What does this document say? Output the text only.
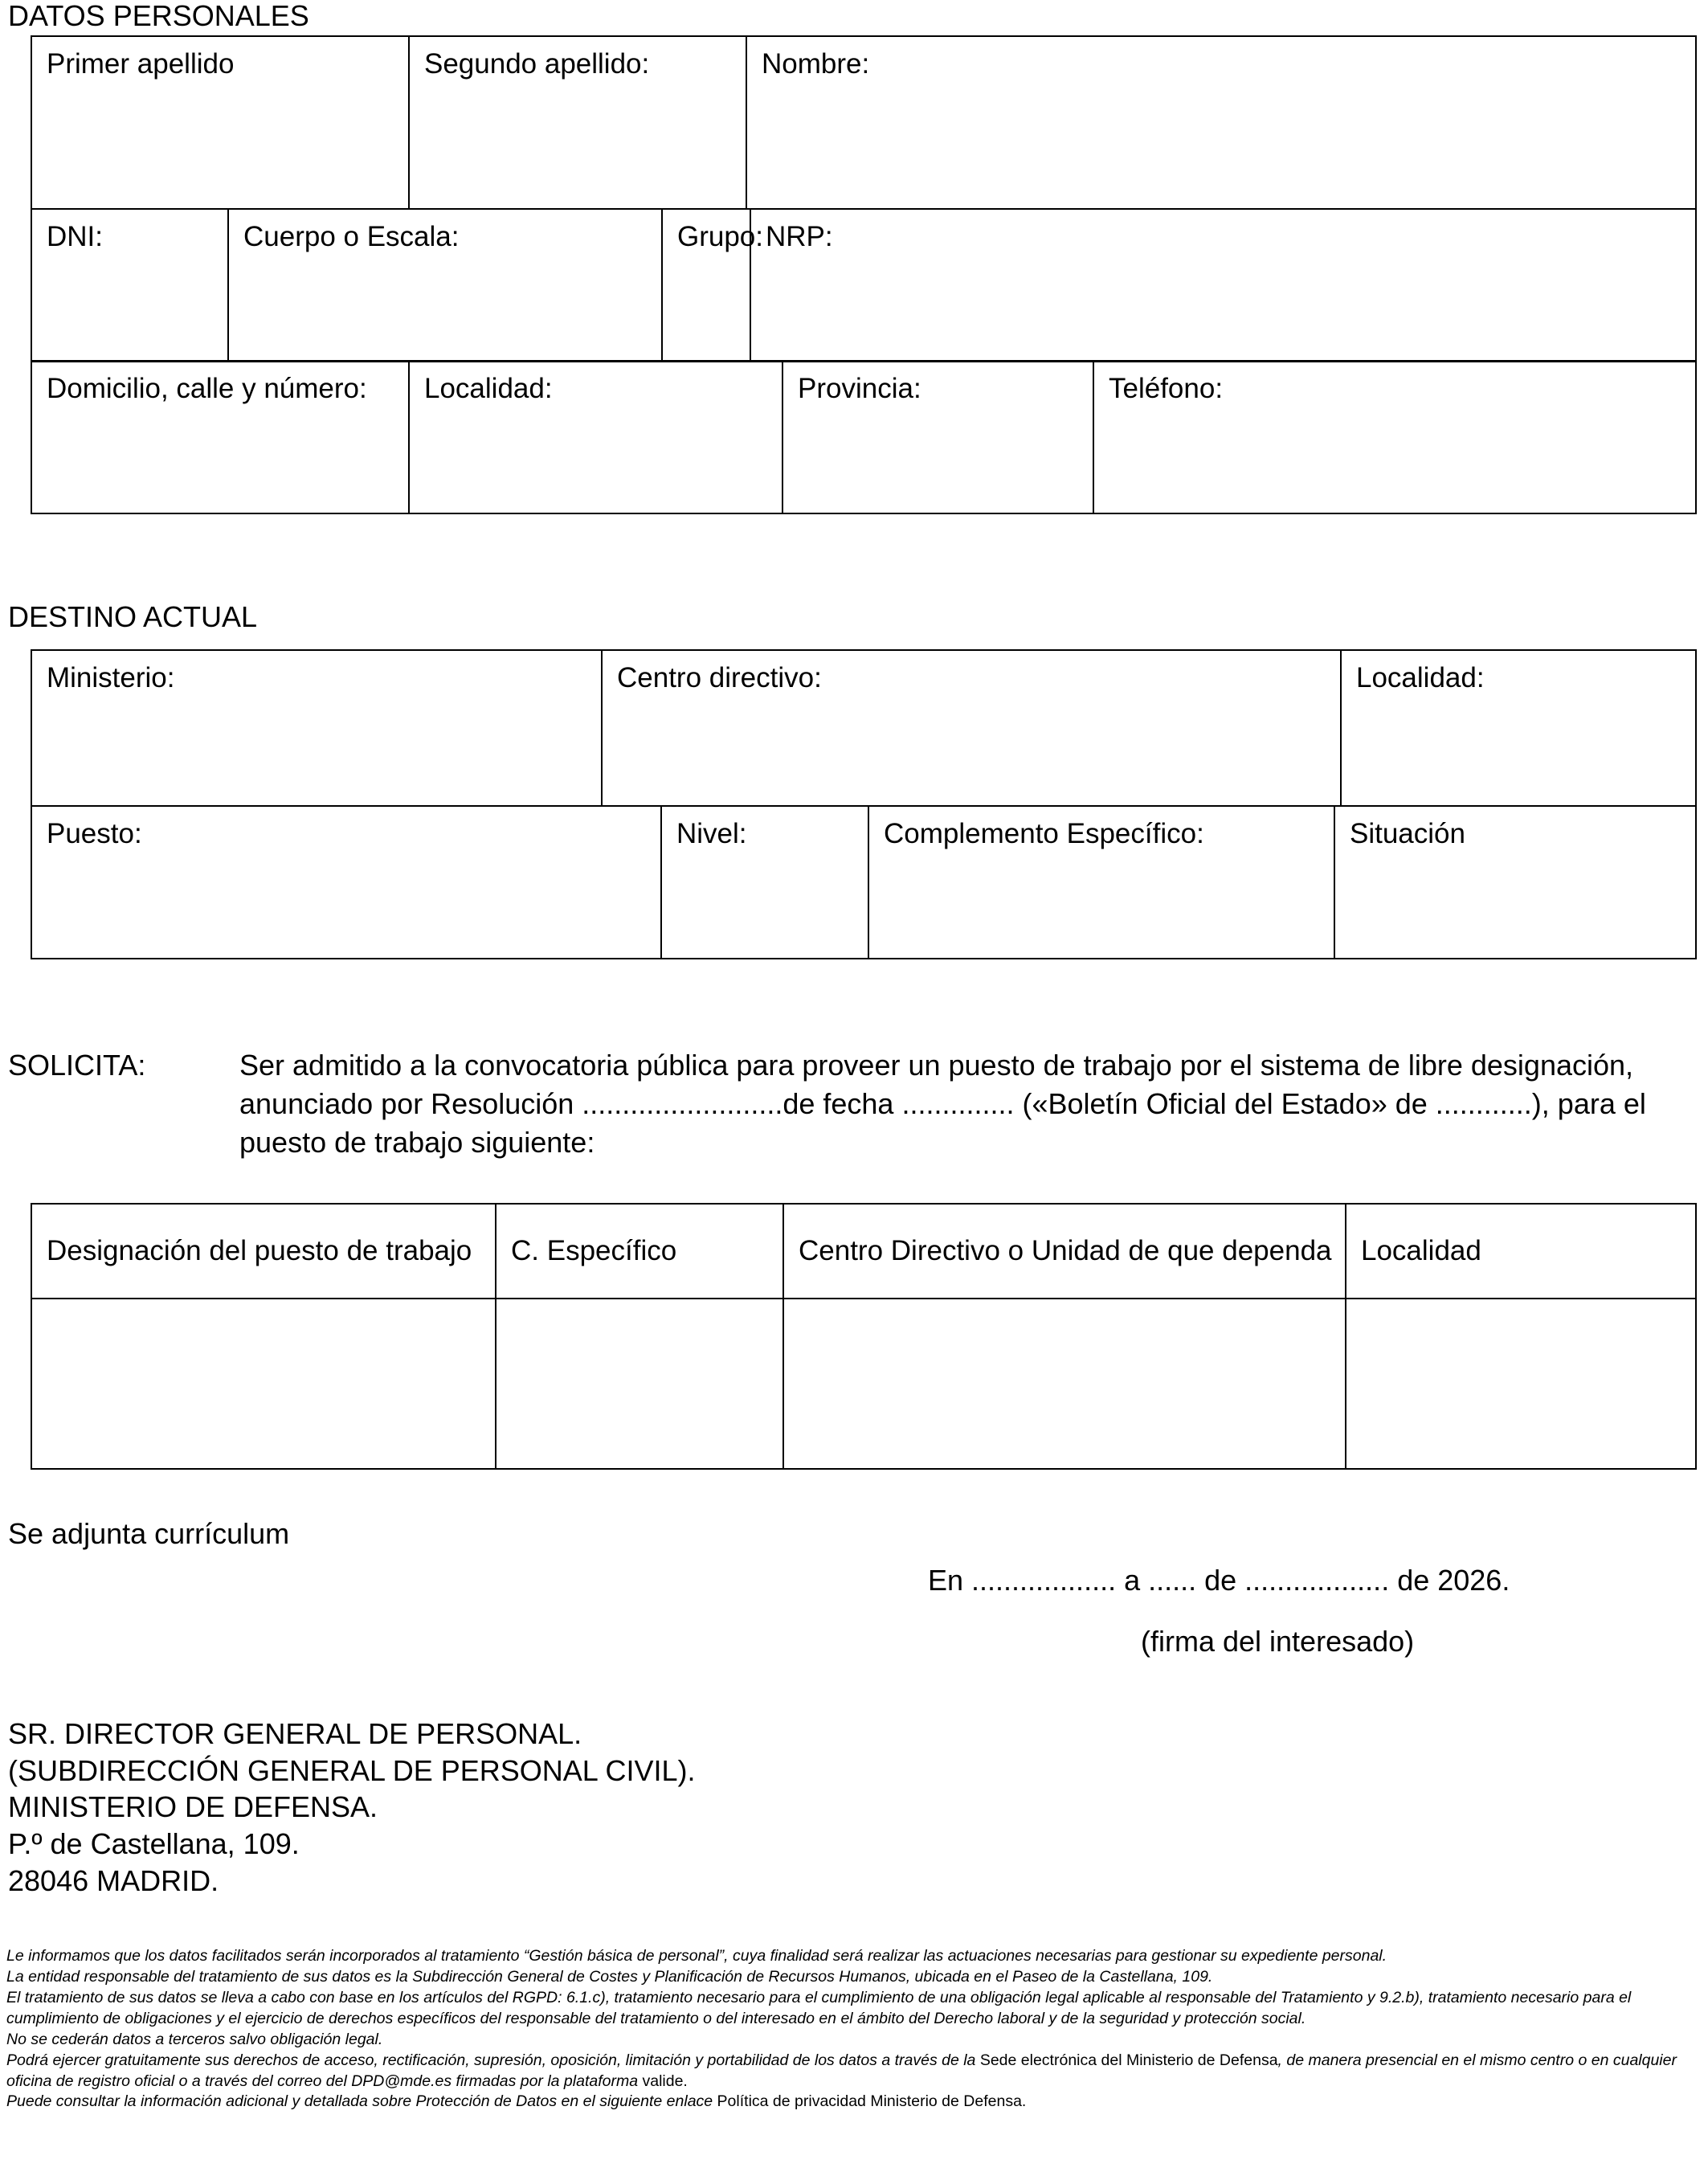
DATOS PERSONALES
Primer apellido	Segundo apellido:	Nombre:
DNI:	Cuerpo o Escala:	Grupo:	NRP:
Domicilio, calle y número:	Localidad:	Provincia:	Teléfono:
DESTINO ACTUAL
Ministerio:	Centro directivo:	Localidad:
Puesto:	Nivel:	Complemento Específico:	Situación
SOLICITA:	Ser admitido a la convocatoria pública para proveer un puesto de trabajo por el sistema de libre designación, anunciado por Resolución .........................de fecha .............. («Boletín Oficial del Estado» de ............), para el puesto de trabajo siguiente:
Designación del puesto de trabajo	C. Específico	Centro Directivo o Unidad de que dependa	Localidad

Se adjunta currículum
En .................. a ...... de .................. de 2026.
(firma del interesado)
SR. DIRECTOR GENERAL DE PERSONAL.
(SUBDIRECCIÓN GENERAL DE PERSONAL CIVIL).
MINISTERIO DE DEFENSA.
P.º de Castellana, 109.
28046 MADRID.

Le informamos que los datos facilitados serán incorporados al tratamiento “Gestión básica de personal”, cuya finalidad será realizar las actuaciones necesarias para gestionar su expediente personal.

La entidad responsable del tratamiento de sus datos es la Subdirección General de Costes y Planificación de Recursos Humanos, ubicada en el Paseo de la Castellana, 109.

El tratamiento de sus datos se lleva a cabo con base en los artículos del RGPD: 6.1.c), tratamiento necesario para el cumplimiento de una obligación legal aplicable al responsable del Tratamiento y 9.2.b), tratamiento necesario para el cumplimiento de obligaciones y el ejercicio de derechos específicos del responsable del tratamiento o del interesado en el ámbito del Derecho laboral y de la seguridad y protección social.

No se cederán datos a terceros salvo obligación legal.

Podrá ejercer gratuitamente sus derechos de acceso, rectificación, supresión, oposición, limitación y portabilidad de los datos a través de la Sede electrónica del Ministerio de Defensa, de manera presencial en el mismo centro o en cualquier oficina de registro oficial o a través del correo del DPD@mde.es firmadas por la plataforma valide.

Puede consultar la información adicional y detallada sobre Protección de Datos en el siguiente enlace Política de privacidad Ministerio de Defensa.
